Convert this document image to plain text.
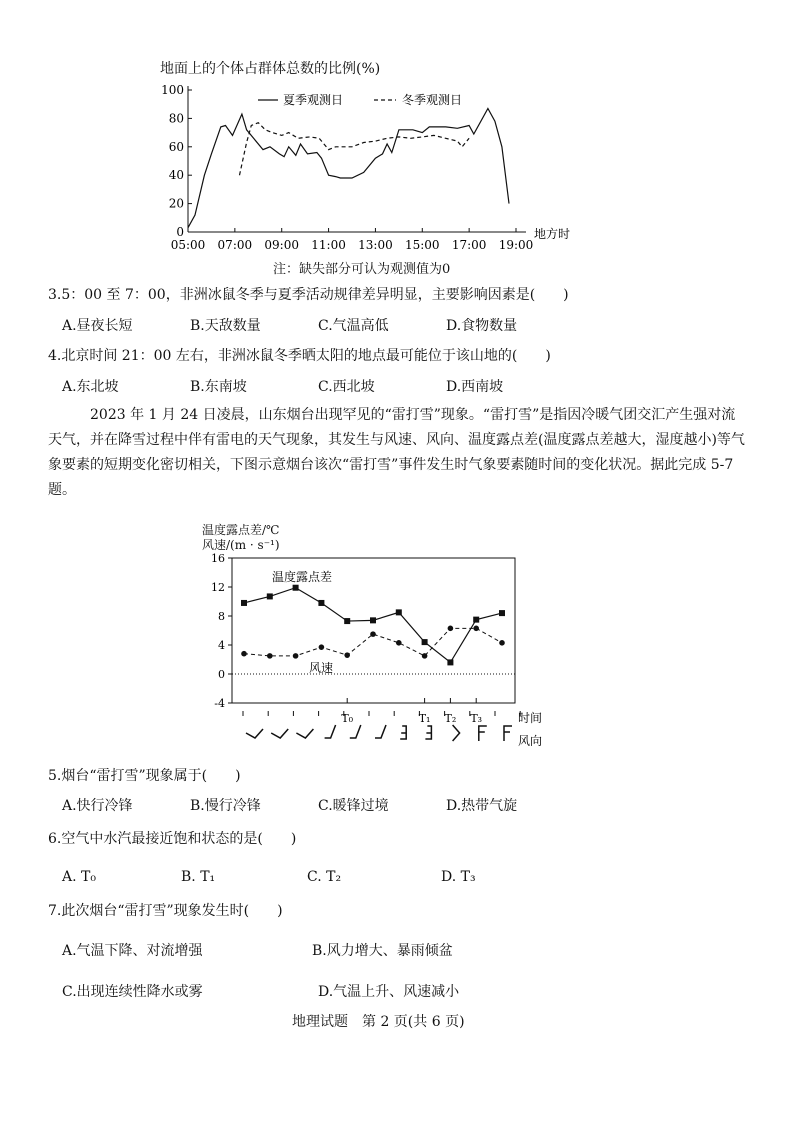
地面上的个体占群体总数的比例(%)
0
20
40
60
80
100
05:00 07:00 09:00 11:00 13:00 15:00 17:00 19:00
地方时
夏季观测日	冬季观测日
注：缺失部分可认为观测值为0
3.5：00 至 7：00，非洲冰鼠冬季与夏季活动规律差异明显，主要影响因素是(　　)
A.昼夜长短	B.天敌数量	C.气温高低	D.食物数量
4.北京时间 21：00 左右，非洲冰鼠冬季晒太阳的地点最可能位于该山地的(　　)
A.东北坡	B.东南坡	C.西北坡	D.西南坡
2023 年 1 月 24 日凌晨，山东烟台出现罕见的“雷打雪”现象。“雷打雪”是指因冷暖气团交汇产生强对流天气，并在降雪过程中伴有雷电的天气现象，其发生与风速、风向、温度露点差(温度露点差越大，湿度越小)等气象要素的短期变化密切相关，下图示意烟台该次“雷打雪”事件发生时气象要素随时间的变化状况。据此完成 5-7 题。
温度露点差/℃
风速/(m · s⁻¹)
16
12
8
4
0
-4
T₀	T₁ T₂ T₃	时间
风向
温度露点差
风速
5.烟台“雷打雪”现象属于(　　)
A.快行冷锋	B.慢行冷锋	C.暖锋过境	D.热带气旋
6.空气中水汽最接近饱和状态的是(　　)
A. T₀	B. T₁	C. T₂	D. T₃
7.此次烟台“雷打雪”现象发生时(　　)
A.气温下降、对流增强	B.风力增大、暴雨倾盆
C.出现连续性降水或雾	D.气温上升、风速减小
地理试题　第 2 页(共 6 页)
